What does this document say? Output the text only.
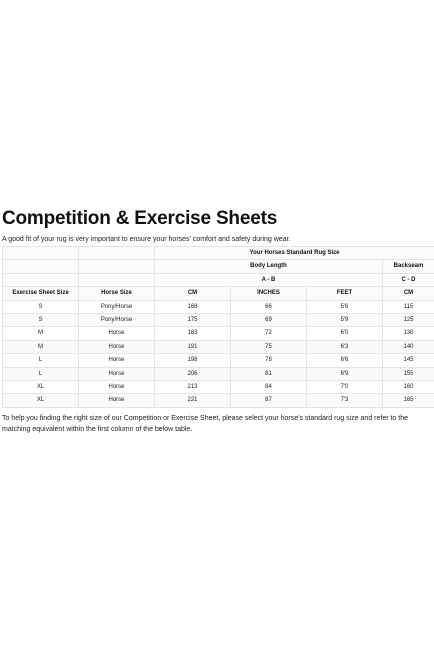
Competition & Exercise Sheets

A good fit of your rug is very important to ensure your horses' comfort and safety during wear.

		Your Horses Standard Rug Size			
		Body Length			Backseam
		A - B			C - D
Exercise Sheet Size	Horse Size	CM	INCHES	FEET	CM
S	Pony/Horse	168	66	5'6	115
S	Pony/Horse	175	69	5'9	125
M	Horse	183	72	6'0	130
M	Horse	191	75	6'3	140
L	Horse	198	78	6'6	145
L	Horse	206	81	6'9	155
XL	Horse	213	84	7'0	160
XL	Horse	221	87	7'3	165

To help you finding the right size of our Competition or Exercise Sheet, please select your horse's standard rug size and refer to the matching equivalent within the first column of the below table.
